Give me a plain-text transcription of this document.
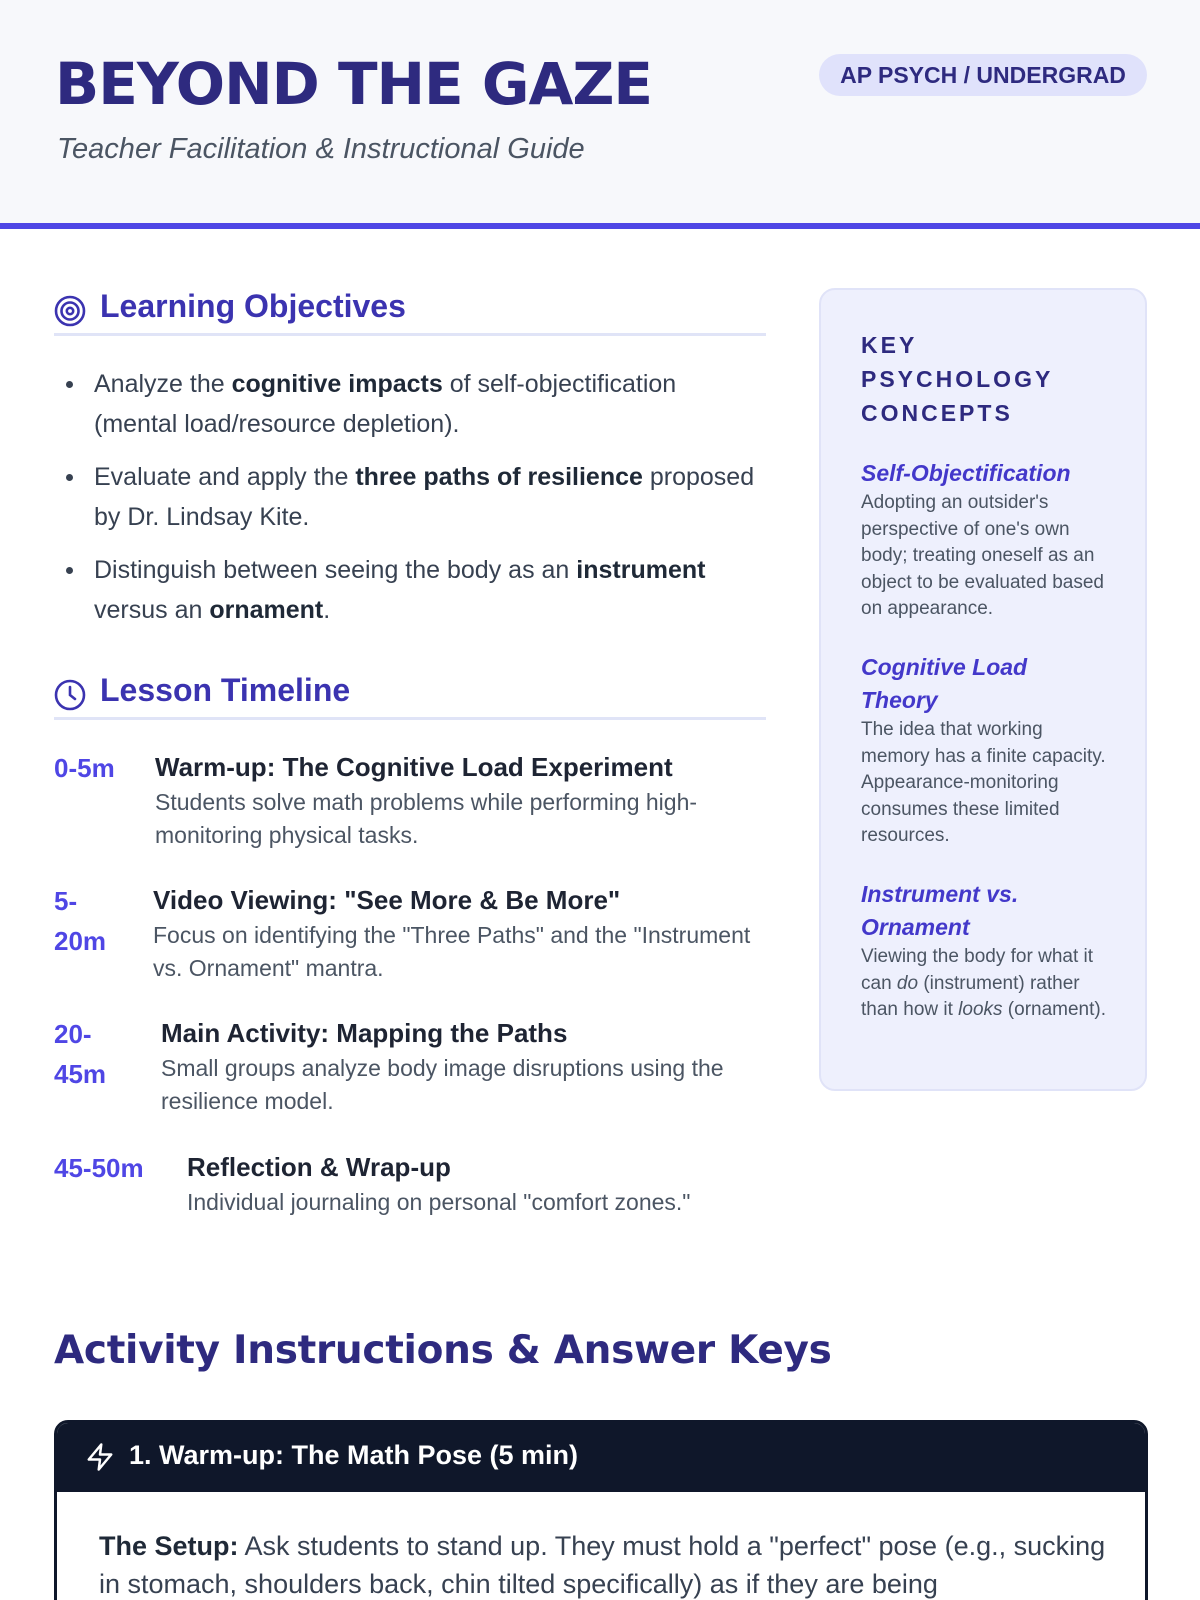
BEYOND THE GAZE
Teacher Facilitation & Instructional Guide
AP PSYCH / UNDERGRAD
Learning Objectives
Analyze the cognitive impacts of self-objectification (mental load/resource depletion).
Evaluate and apply the three paths of resilience proposed by Dr. Lindsay Kite.
Distinguish between seeing the body as an instrument versus an ornament.
Lesson Timeline
0-5m Warm-up: The Cognitive Load Experiment
Students solve math problems while performing high-monitoring physical tasks.
5-20m
Video Viewing: "See More & Be More"
Focus on identifying the "Three Paths" and the "Instrument vs. Ornament" mantra.
20-45m
Main Activity: Mapping the Paths
Small groups analyze body image disruptions using the resilience model.
45-50m Reflection & Wrap-up
Individual journaling on personal "comfort zones."
KEY PSYCHOLOGY CONCEPTS
Self-Objectification
Adopting an outsider's perspective of one's own body; treating oneself as an object to be evaluated based on appearance.
Cognitive Load Theory
The idea that working memory has a finite capacity. Appearance-monitoring consumes these limited resources.
Instrument vs. Ornament
Viewing the body for what it can do (instrument) rather than how it looks (ornament).
Activity Instructions & Answer Keys
1. Warm-up: The Math Pose (5 min)
The Setup: Ask students to stand up. They must hold a "perfect" pose (e.g., sucking in stomach, shoulders back, chin tilted specifically) as if they are being
